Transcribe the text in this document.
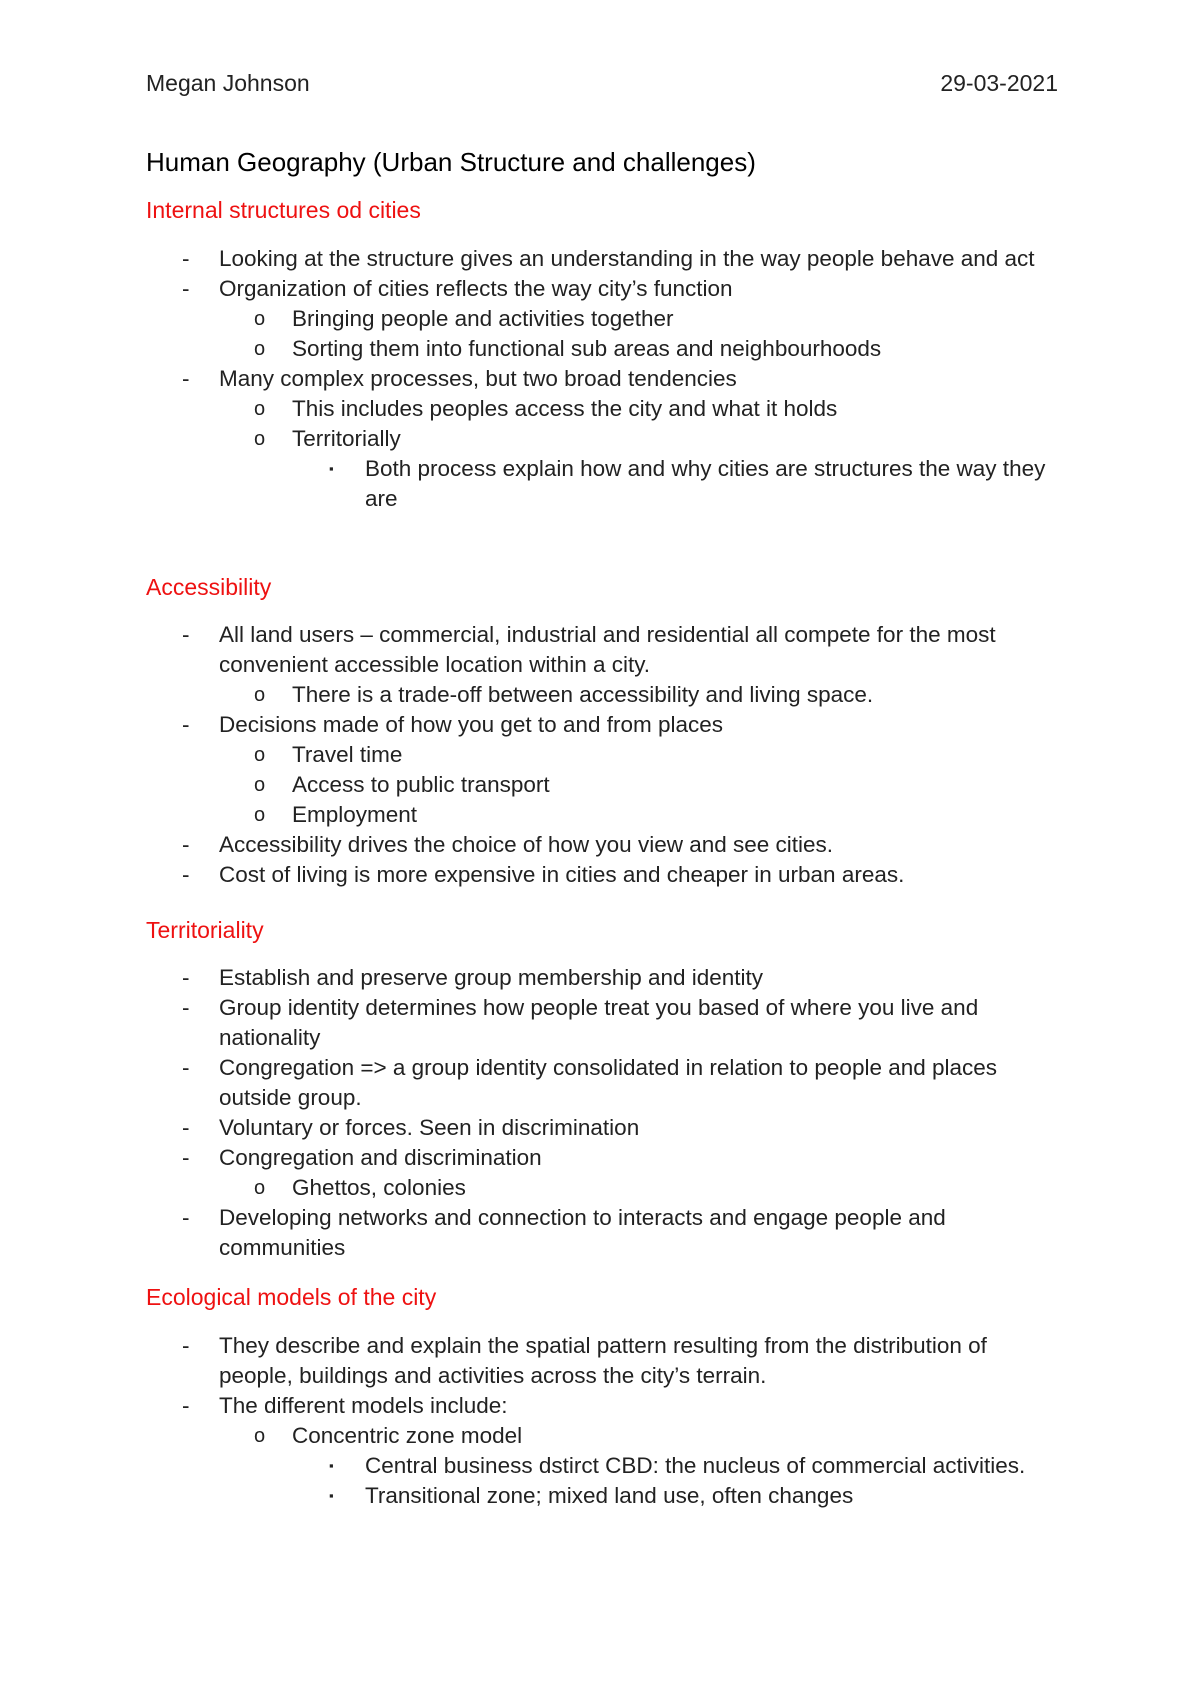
Megan Johnson	29-03-2021
Human Geography (Urban Structure and challenges)
Internal structures od cities
- Looking at the structure gives an understanding in the way people behave and act
- Organization of cities reflects the way city’s function
o Bringing people and activities together
o Sorting them into functional sub areas and neighbourhoods
- Many complex processes, but two broad tendencies
o This includes peoples access the city and what it holds
o Territorially
▪ Both process explain how and why cities are structures the way they are
Accessibility
- All land users – commercial, industrial and residential all compete for the most convenient accessible location within a city.
o There is a trade-off between accessibility and living space.
- Decisions made of how you get to and from places
o Travel time
o Access to public transport
o Employment
- Accessibility drives the choice of how you view and see cities.
- Cost of living is more expensive in cities and cheaper in urban areas.
Territoriality
- Establish and preserve group membership and identity
- Group identity determines how people treat you based of where you live and nationality
- Congregation => a group identity consolidated in relation to people and places outside group.
- Voluntary or forces. Seen in discrimination
- Congregation and discrimination
o Ghettos, colonies
- Developing networks and connection to interacts and engage people and communities
Ecological models of the city
- They describe and explain the spatial pattern resulting from the distribution of people, buildings and activities across the city’s terrain.
- The different models include:
o Concentric zone model
▪ Central business dstirct CBD: the nucleus of commercial activities.
▪ Transitional zone; mixed land use, often changes
